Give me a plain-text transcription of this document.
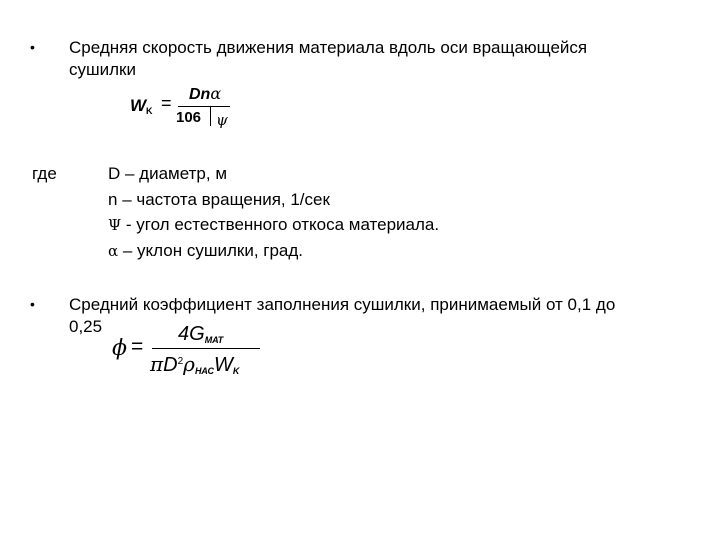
• Средняя скорость движения материала вдоль оси вращающейся
сушилки
$W_K = Dn\alpha$
106 ψ
где	D – диаметр, м
n – частота вращения, 1/сек
Ψ - угол естественного откоса материала.
α – уклон сушилки, град.
• Средний коэффициент заполнения сушилки, принимаемый от 0,1 до
0,25
ϕ =
$4G_{МАТ}$
$\pi D^2\rho_{НАС}W_K$
